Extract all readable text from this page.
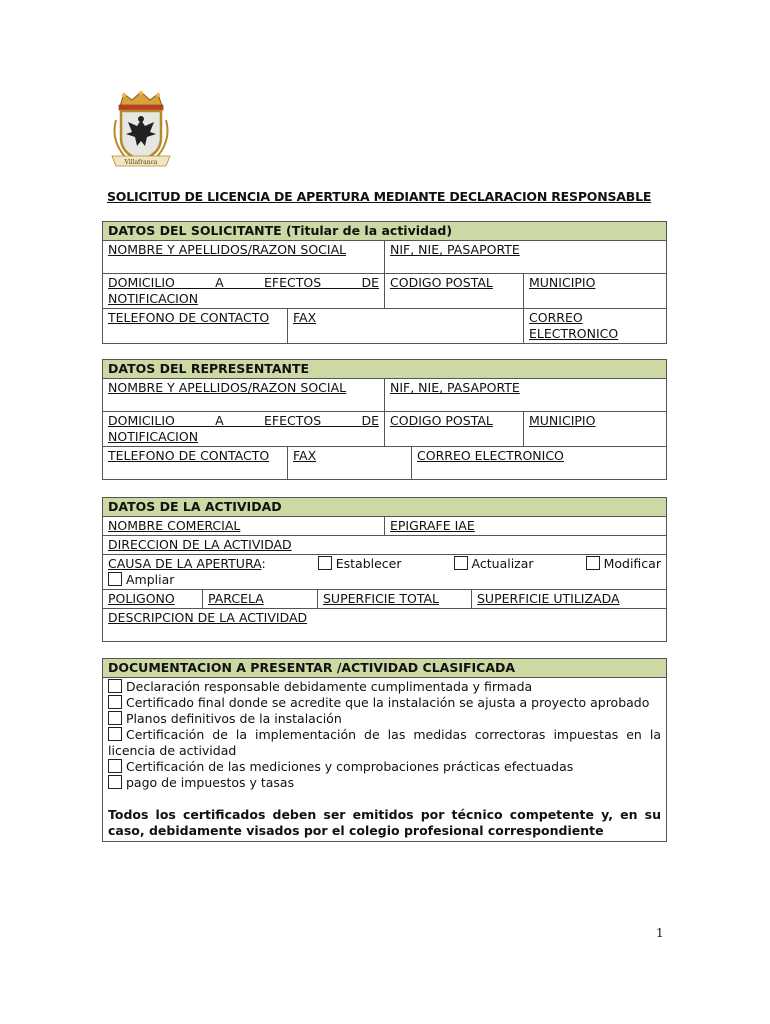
Villafranca
SOLICITUD DE LICENCIA DE APERTURA MEDIANTE DECLARACION RESPONSABLE
DATOS DEL SOLICITANTE (Titular de la actividad)			
NOMBRE Y APELLIDOS/RAZON SOCIAL		NIF, NIE, PASAPORTE	

DOMICILIO A EFECTOS DE
NOTIFICACION		CODIGO POSTAL	MUNICIPIO
TELEFONO DE CONTACTO	FAX		CORREO ELECTRONICO
DATOS DEL REPRESENTANTE				
NOMBRE Y APELLIDOS/RAZON SOCIAL		NIF, NIE, PASAPORTE		

DOMICILIO A EFECTOS DE
NOTIFICACION		CODIGO POSTAL		MUNICIPIO
TELEFONO DE CONTACTO	FAX		CORREO ELECTRONICO	
DATOS DE LA ACTIVIDAD				
NOMBRE COMERCIAL			EPIGRAFE IAE	
DIRECCION DE LA ACTIVIDAD				

CAUSA DE LA APERTURA: Establecer Actualizar Modificar
Ampliar				

POLIGONO	PARCELA	SUPERFICIE TOTAL		SUPERFICIE UTILIZADA
DESCRIPCION DE LA ACTIVIDAD				
DOCUMENTACION A PRESENTAR /ACTIVIDAD CLASIFICADA

Declaración responsable debidamente cumplimentada y firmada
Certificado final donde se acredite que la instalación se ajusta a proyecto aprobado
Planos definitivos de la instalación
Certificación de la implementación de las medidas correctoras impuestas en la licencia de actividad
Certificación de las mediciones y comprobaciones prácticas efectuadas
pago de impuestos y tasas
Todos los certificados deben ser emitidos por técnico competente y, en su caso, debidamente visados por el colegio profesional correspondiente
1
